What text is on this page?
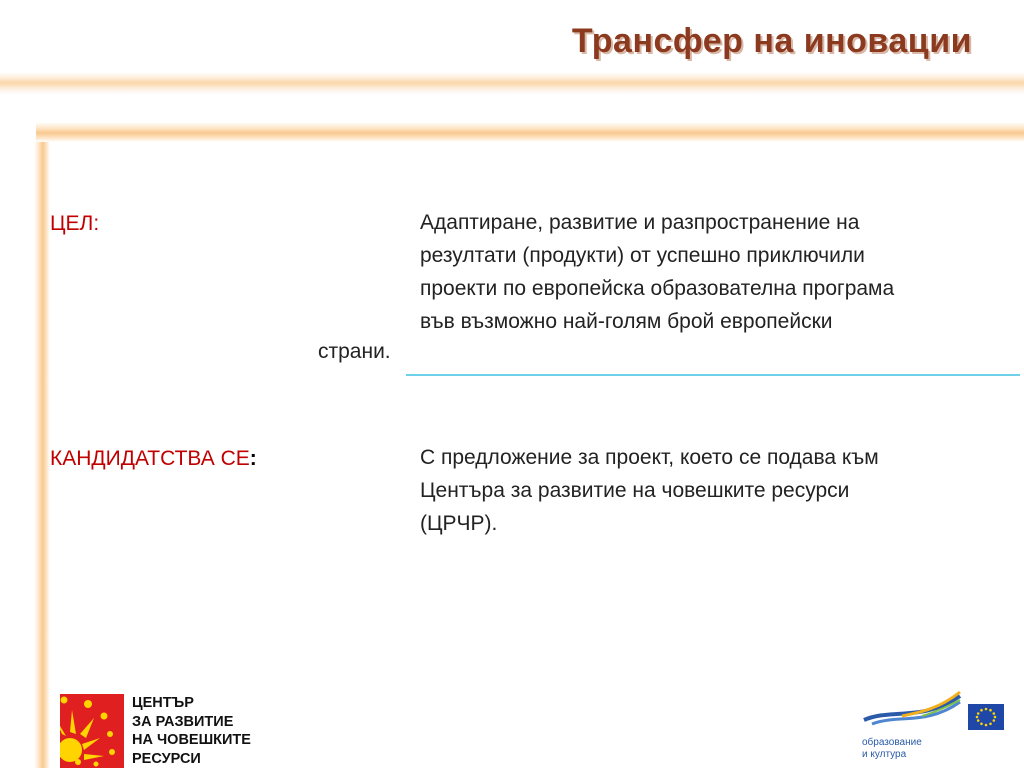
Трансфер на иновации
ЦЕЛ:	Адаптиране, развитие и разпространение на
резултати (продукти) от успешно приключили
проекти по европейска образователна програма
във възможно най-голям брой европейски
страни.
КАНДИДАТСТВА СЕ:	С предложение за проект, което се подава към
Центъра за развитие на човешките ресурси
(ЦРЧР).
ЦЕНТЪР
ЗА РАЗВИТИЕ
НА ЧОВЕШКИТЕ
РЕСУРСИ
образование
и култура
